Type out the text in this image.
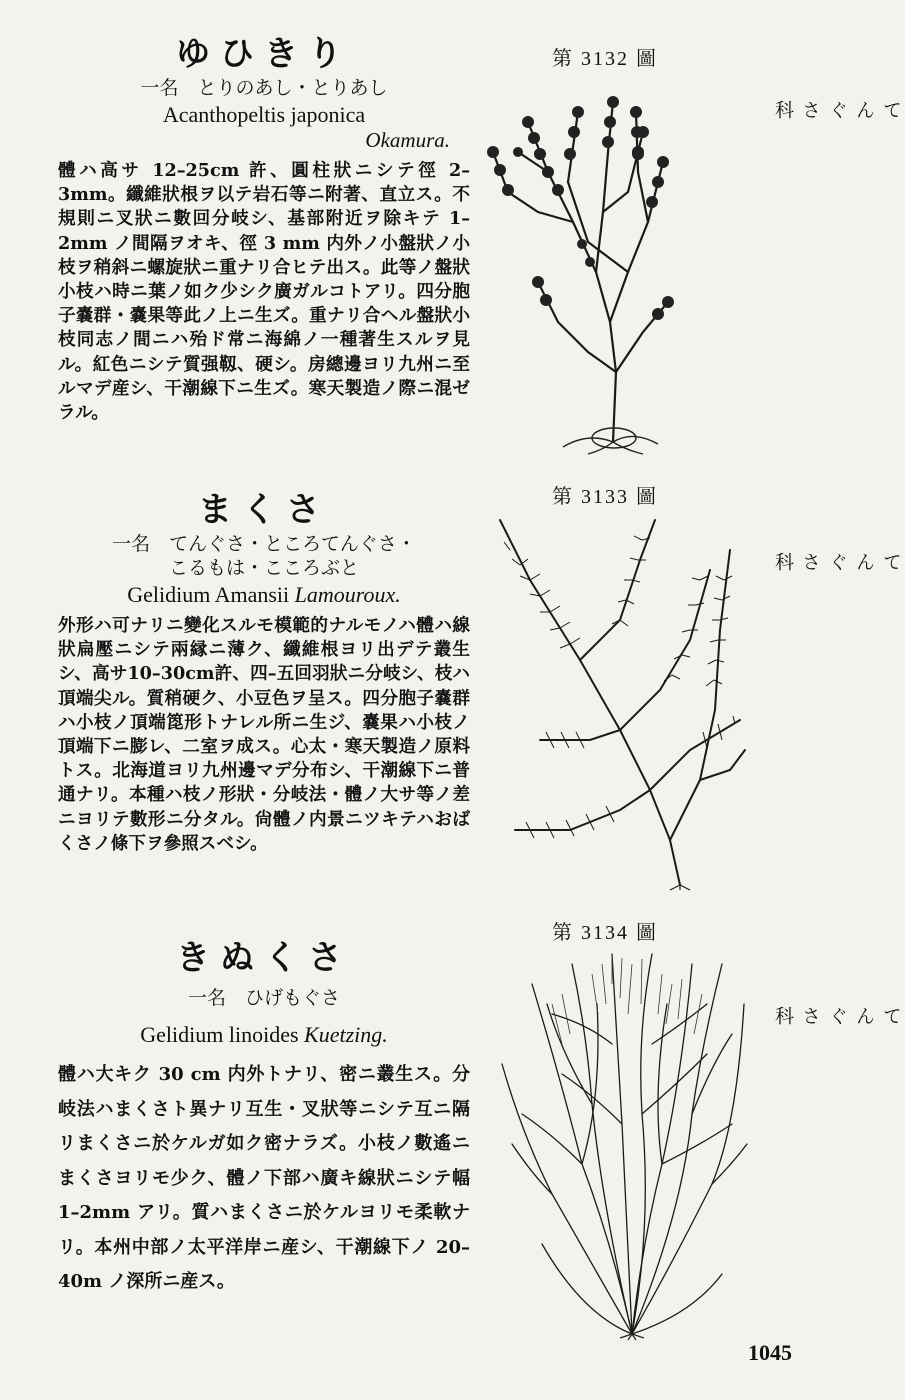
ゆひきり

一名　とりのあし・とりあし

Acanthopeltis japonica

Okamura.

體ハ高サ 12–25cm 許、圓柱狀ニシテ徑 2–3mm。纖維狀根ヲ以テ岩石等ニ附著、直立ス。不規則ニ叉狀ニ數回分岐シ、基部附近ヲ除キテ 1–2mm ノ間隔ヲオキ、徑 3 mm 内外ノ小盤狀ノ小枝ヲ稍斜ニ螺旋狀ニ重ナリ合ヒテ出ス。此等ノ盤狀小枝ハ時ニ葉ノ如ク少シク廣ガルコトアリ。四分胞子嚢群・嚢果等此ノ上ニ生ズ。重ナリ合ヘル盤狀小枝同志ノ間ニハ殆ド常ニ海綿ノ一種著生スルヲ見ル。紅色ニシテ質强靱、硬シ。房總邊ヨリ九州ニ至ルマデ産シ、干潮線下ニ生ズ。寒天製造ノ際ニ混ゼラル。

第 3132 圖
てんぐさ科
まくさ

一名　てんぐさ・ところてんぐさ・
こるもは・こころぶと

Gelidium Amansii Lamouroux.

外形ハ可ナリニ變化スルモ模範的ナルモノハ體ハ線狀扁壓ニシテ兩縁ニ薄ク、纖維根ヨリ出デテ叢生シ、高サ10–30cm許、四–五回羽狀ニ分岐シ、枝ハ頂端尖ル。質稍硬ク、小豆色ヲ呈ス。四分胞子嚢群ハ小枝ノ頂端箆形トナレル所ニ生ジ、嚢果ハ小枝ノ頂端下ニ膨レ、二室ヲ成ス。心太・寒天製造ノ原料トス。北海道ヨリ九州邊マデ分布シ、干潮線下ニ普通ナリ。本種ハ枝ノ形狀・分岐法・體ノ大サ等ノ差ニヨリテ數形ニ分タル。尙體ノ内景ニツキテハおばくさノ條下ヲ參照スベシ。

第 3133 圖
てんぐさ科
きぬくさ

一名　ひげもぐさ

Gelidium linoides Kuetzing.

體ハ大キク 30 cm 内外トナリ、密ニ叢生ス。分岐法ハまくさト異ナリ互生・叉狀等ニシテ互ニ隔リまくさニ於ケルガ如ク密ナラズ。小枝ノ數遙ニまくさヨリモ少ク、體ノ下部ハ廣キ線狀ニシテ幅 1–2mm アリ。質ハまくさニ於ケルヨリモ柔軟ナリ。本州中部ノ太平洋岸ニ産シ、干潮線下ノ 20–40m ノ深所ニ産ス。

第 3134 圖
てんぐさ科
1045
